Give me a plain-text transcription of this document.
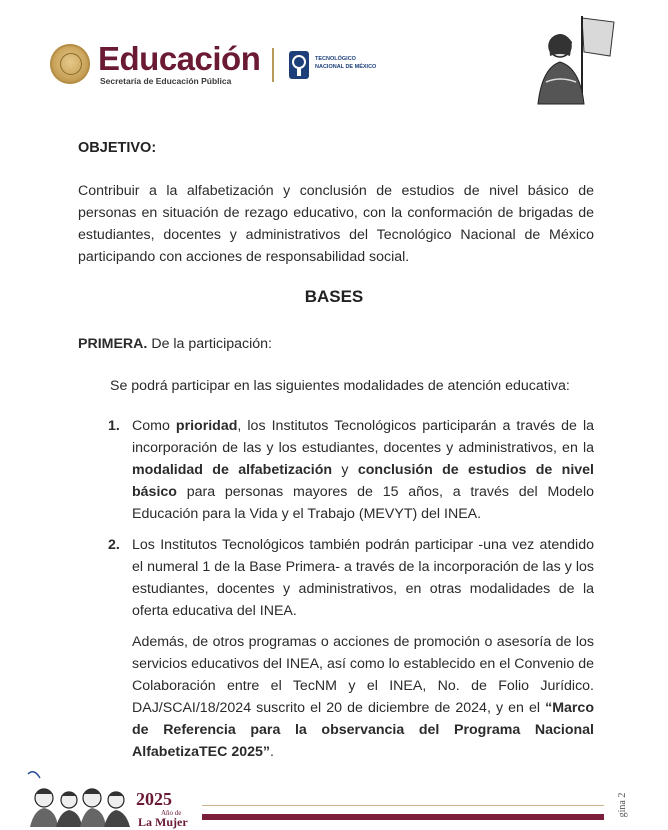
Educación
Secretaría de Educación Pública
TECNOLÓGICO
NACIONAL DE MÉXICO
OBJETIVO:
Contribuir a la alfabetización y conclusión de estudios de nivel básico de personas en situación de rezago educativo, con la conformación de brigadas de estudiantes, docentes y administrativos del Tecnológico Nacional de México participando con acciones de responsabilidad social.
BASES
PRIMERA. De la participación:
Se podrá participar en las siguientes modalidades de atención educativa:
1. Como prioridad, los Institutos Tecnológicos participarán a través de la incorporación de las y los estudiantes, docentes y administrativos, en la modalidad de alfabetización y conclusión de estudios de nivel básico para personas mayores de 15 años, a través del Modelo Educación para la Vida y el Trabajo (MEVYT) del INEA.
2. Los Institutos Tecnológicos también podrán participar -una vez atendido el numeral 1 de la Base Primera- a través de la incorporación de las y los estudiantes, docentes y administrativos, en otras modalidades de la oferta educativa del INEA.
Además, de otros programas o acciones de promoción o asesoría de los servicios educativos del INEA, así como lo establecido en el Convenio de Colaboración entre el TecNM y el INEA, No. de Folio Jurídico. DAJ/SCAI/18/2024 suscrito el 20 de diciembre de 2024, y en el “Marco de Referencia para la observancia del Programa Nacional AlfabetizaTEC 2025”.
2025
Año de
La Mujer
gina 2
